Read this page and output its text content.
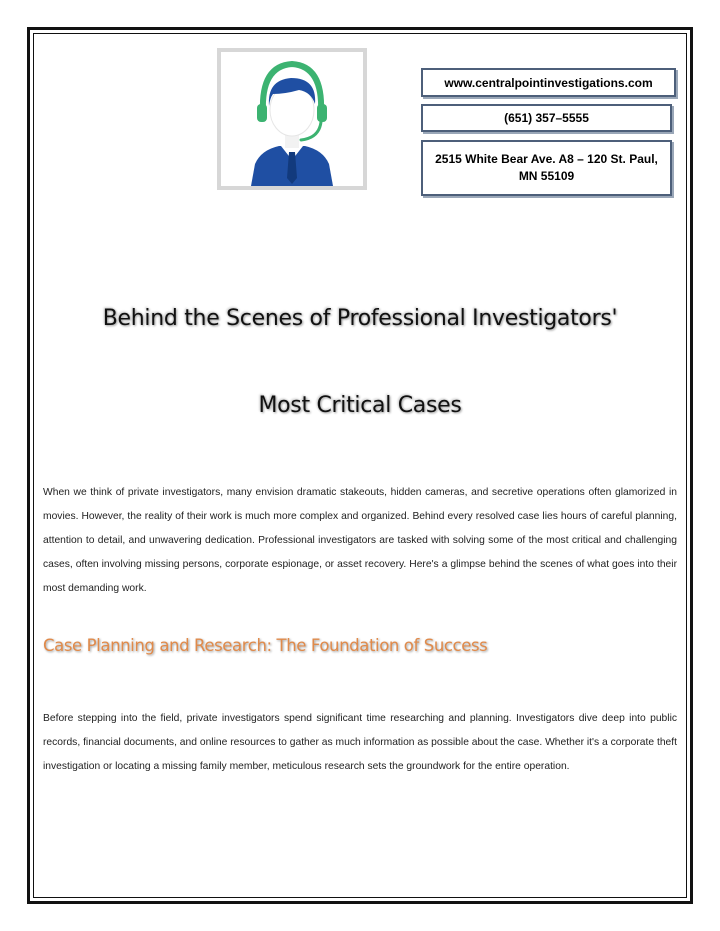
www.centralpointinvestigations.com
(651) 357–5555
2515 White Bear Ave. A8 – 120 St. Paul, MN 55109
Behind the Scenes of Professional Investigators'
Most Critical Cases

When we think of private investigators, many envision dramatic stakeouts, hidden cameras, and secretive operations often glamorized in movies. However, the reality of their work is much more complex and organized. Behind every resolved case lies hours of careful planning, attention to detail, and unwavering dedication. Professional investigators are tasked with solving some of the most critical and challenging cases, often involving missing persons, corporate espionage, or asset recovery. Here's a glimpse behind the scenes of what goes into their most demanding work.

Case Planning and Research: The Foundation of Success

Before stepping into the field, private investigators spend significant time researching and planning. Investigators dive deep into public records, financial documents, and online resources to gather as much information as possible about the case. Whether it's a corporate theft investigation or locating a missing family member, meticulous research sets the groundwork for the entire operation.
